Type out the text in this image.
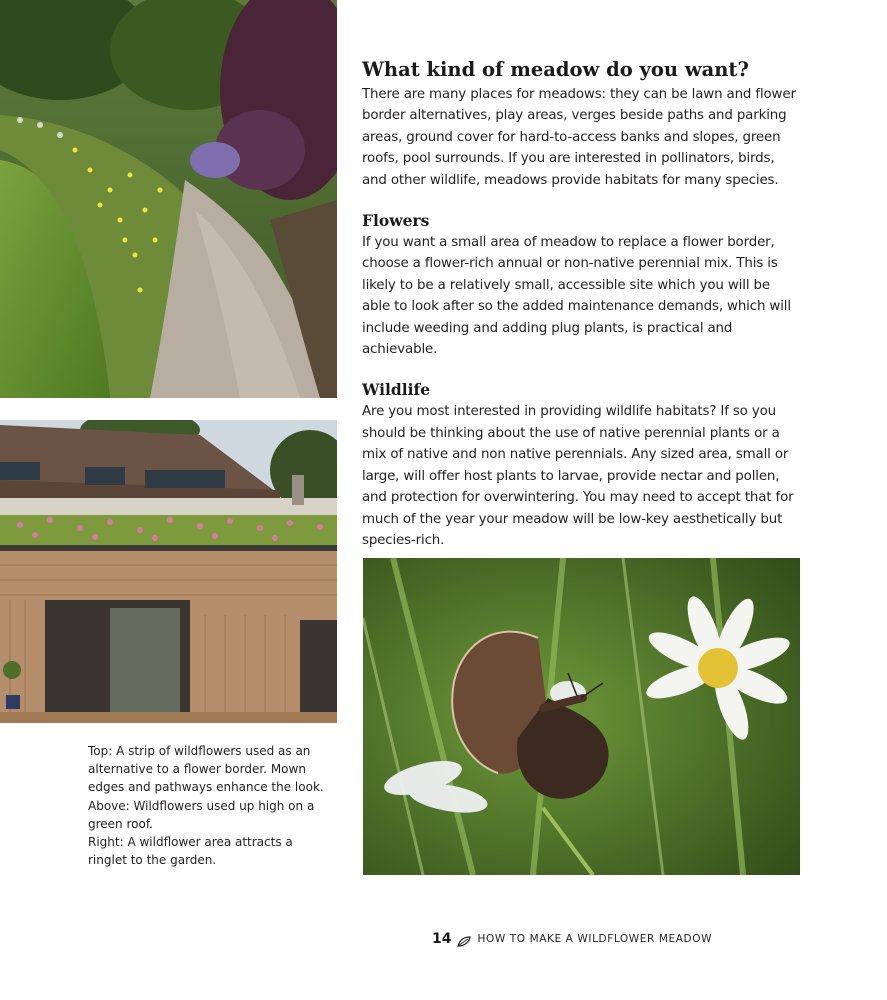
Top: A strip of wildflowers used as an alternative to a flower border. Mown edges and pathways enhance the look.

Above: Wildflowers used up high on a green roof.

Right: A wildflower area attracts a ringlet to the garden.

What kind of meadow do you want?

There are many places for meadows: they can be lawn and flower border alternatives, play areas, verges beside paths and parking areas, ground cover for hard-to-access banks and slopes, green roofs, pool surrounds. If you are interested in pollinators, birds, and other wildlife, meadows provide habitats for many species.

Flowers

If you want a small area of meadow to replace a flower border, choose a flower-rich annual or non-native perennial mix. This is likely to be a relatively small, accessible site which you will be able to look after so the added maintenance demands, which will include weeding and adding plug plants, is practical and achievable.

Wildlife

Are you most interested in providing wildlife habitats? If so you should be thinking about the use of native perennial plants or a mix of native and non native perennials. Any sized area, small or large, will offer host plants to larvae, provide nectar and pollen, and protection for overwintering. You may need to accept that for much of the year your meadow will be low-key aesthetically but species-rich.

14 HOW TO MAKE A WILDFLOWER MEADOW
